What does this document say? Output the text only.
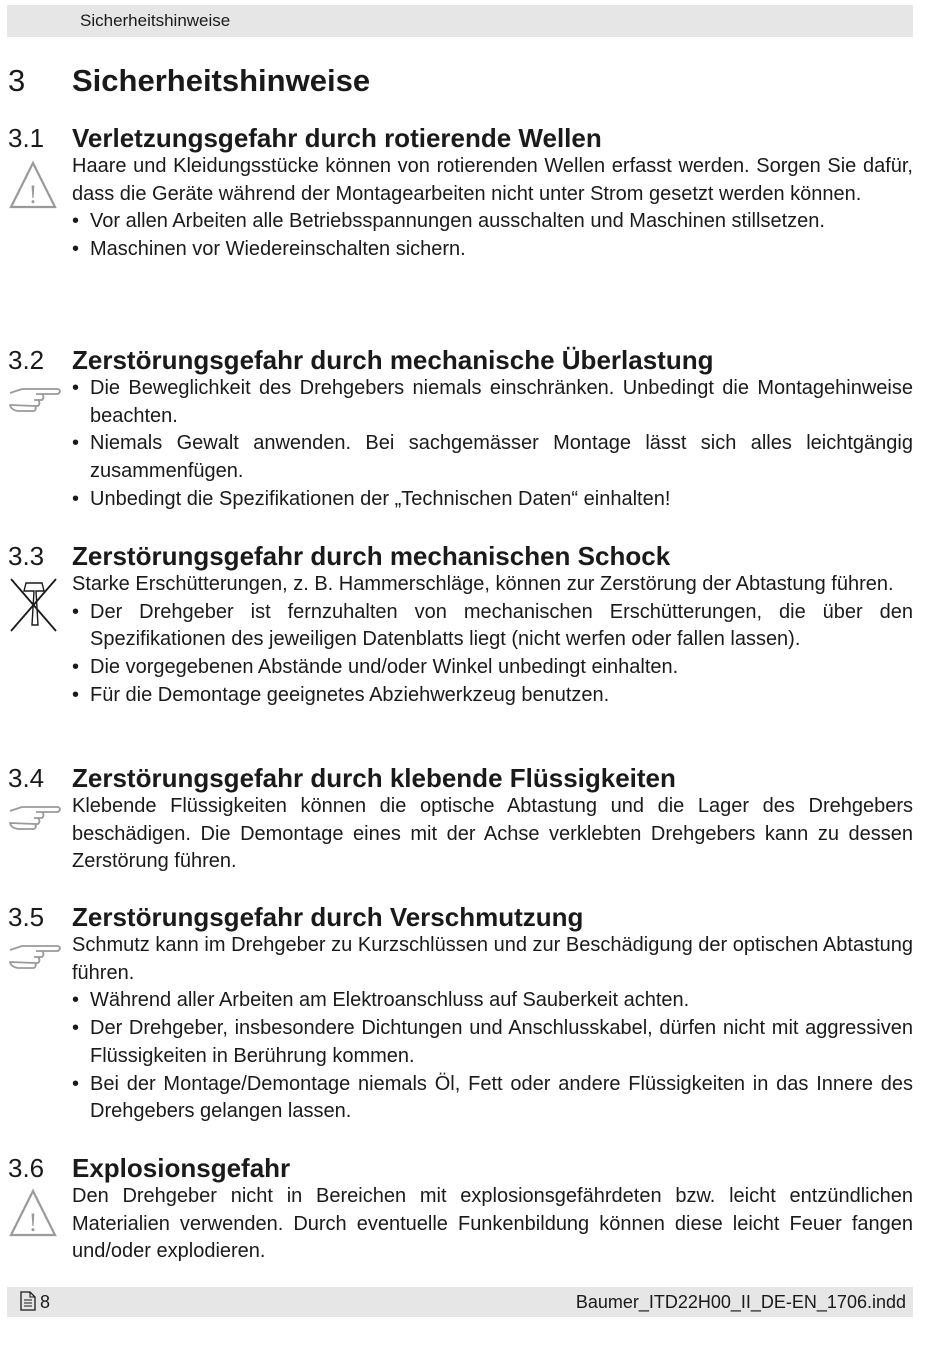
Sicherheitshinweise
3 Sicherheitshinweise
3.1 Verletzungsgefahr durch rotierende Wellen
!
Haare und Kleidungsstücke können von rotierenden Wellen erfasst werden. Sorgen Sie dafür, dass die Geräte während der Montagearbeiten nicht unter Strom gesetzt werden können.
• Vor allen Arbeiten alle Betriebsspannungen ausschalten und Maschinen stillsetzen.
• Maschinen vor Wiedereinschalten sichern.
3.2 Zerstörungsgefahr durch mechanische Überlastung
• Die Beweglichkeit des Drehgebers niemals einschränken. Unbedingt die Montagehinweise beachten.
• Niemals Gewalt anwenden. Bei sachgemässer Montage lässt sich alles leichtgängig zusammenfügen.
• Unbedingt die Spezifikationen der „Technischen Daten“ einhalten!
3.3 Zerstörungsgefahr durch mechanischen Schock
Starke Erschütterungen, z. B. Hammerschläge, können zur Zerstörung der Abtastung führen.
• Der Drehgeber ist fernzuhalten von mechanischen Erschütterungen, die über den Spezifikationen des jeweiligen Datenblatts liegt (nicht werfen oder fallen lassen).
• Die vorgegebenen Abstände und/oder Winkel unbedingt einhalten.
• Für die Demontage geeignetes Abziehwerkzeug benutzen.
3.4 Zerstörungsgefahr durch klebende Flüssigkeiten
Klebende Flüssigkeiten können die optische Abtastung und die Lager des Drehgebers beschädigen. Die Demontage eines mit der Achse verklebten Drehgebers kann zu dessen Zerstörung führen.
3.5 Zerstörungsgefahr durch Verschmutzung
Schmutz kann im Drehgeber zu Kurzschlüssen und zur Beschädigung der optischen Abtastung führen.
• Während aller Arbeiten am Elektroanschluss auf Sauberkeit achten.
• Der Drehgeber, insbesondere Dichtungen und Anschlusskabel, dürfen nicht mit aggressiven Flüssigkeiten in Berührung kommen.
• Bei der Montage/Demontage niemals Öl, Fett oder andere Flüssigkeiten in das Innere des Drehgebers gelangen lassen.
3.6 Explosionsgefahr
!
Den Drehgeber nicht in Bereichen mit explosionsgefährdeten bzw. leicht entzündlichen Materialien verwenden. Durch eventuelle Funkenbildung können diese leicht Feuer fangen und/oder explodieren.
8	Baumer_ITD22H00_II_DE-EN_1706.indd
